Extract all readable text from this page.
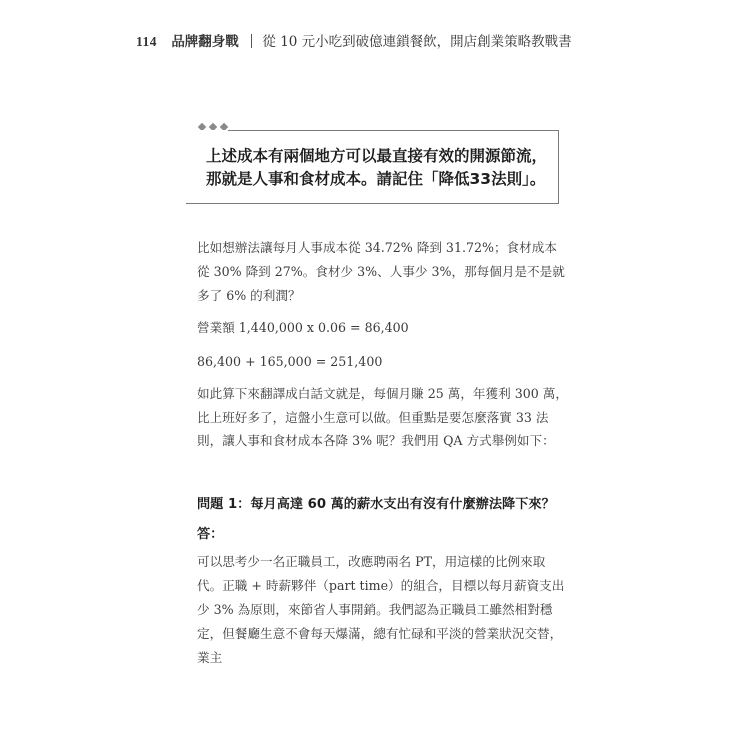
114 品牌翻身戰 從 10 元小吃到破億連鎖餐飲，開店創業策略教戰書
上述成本有兩個地方可以最直接有效的開源節流，
那就是人事和食材成本。請記住「降低33法則」。
比如想辦法讓每月人事成本從 34.72% 降到 31.72%；食材成本從 30% 降到 27%。食材少 3%、人事少 3%，那每個月是不是就多了 6% 的利潤？
營業額 1,440,000 x 0.06 = 86,400
86,400 + 165,000 = 251,400
如此算下來翻譯成白話文就是，每個月賺 25 萬，年獲利 300 萬，比上班好多了，這盤小生意可以做。但重點是要怎麼落實 33 法則，讓人事和食材成本各降 3% 呢？我們用 QA 方式舉例如下：
問題 1：每月高達 60 萬的薪水支出有沒有什麼辦法降下來？
答：
可以思考少一名正職員工，改應聘兩名 PT，用這樣的比例來取代。正職 + 時薪夥伴（part time）的組合，目標以每月薪資支出少 3% 為原則，來節省人事開銷。我們認為正職員工雖然相對穩定，但餐廳生意不會每天爆滿，總有忙碌和平淡的營業狀況交替，業主
